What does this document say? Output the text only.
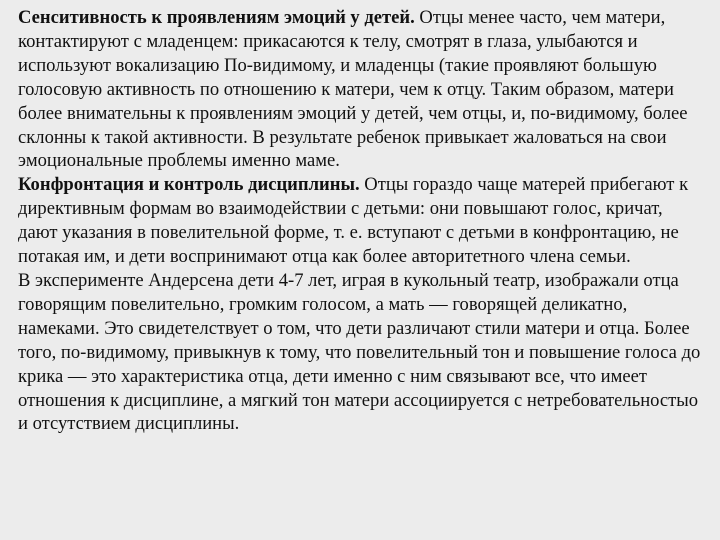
Сенситивность к проявлениям эмоций у детей. Отцы менее часто, чем матери, контактируют с младенцем: прикасаются к телу, смотрят в глаза, улыбаются и используют вокализацию По-видимому, и младенцы (такие проявляют большую голосовую активность по отношению к матери, чем к отцу. Таким образом, матери более внимательны к проявлениям эмоций у детей, чем отцы, и, по-видимому, более склонны к такой активности. В результате ребенок привыкает жаловаться на свои эмоциональные проблемы именно маме.

Конфронтация и контроль дисциплины. Отцы гораздо чаще матерей прибегают к директивным формам во взаимодействии с детьми: они повышают голос, кричат, дают указания в повелительной форме, т. е. вступают с детьми в конфронтацию, не потакая им, и дети воспринимают отца как более авторитетного члена семьи.

В эксперименте Андерсена дети 4-7 лет, играя в кукольный театр, изображали отца говорящим повелительно, громким голосом, а мать — говорящей деликатно, намеками. Это свидетелствует о том, что дети различают стили матери и отца. Более того, по-видимому, привыкнув к тому, что повелительный тон и повышение голоса до крика — это характеристика отца, дети именно с ним связывают все, что имеет отношения к дисциплине, а мягкий тон матери ассоциируется с нетребовательностыо и отсутствием дисциплины.
